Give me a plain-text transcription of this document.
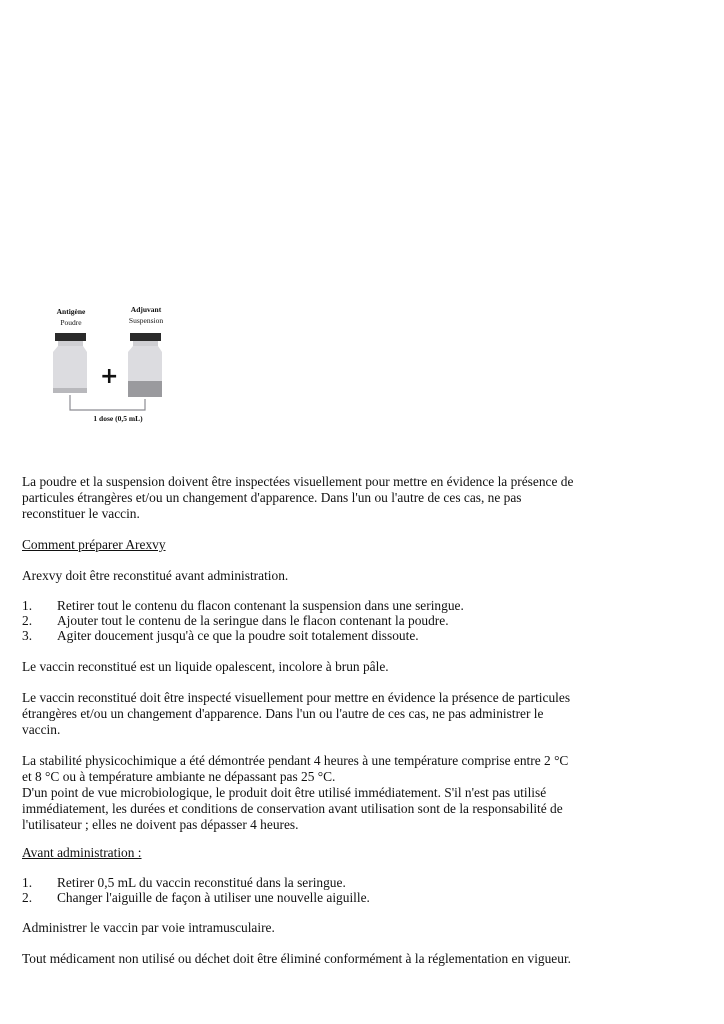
Antigène
Poudre
Adjuvant
Suspension
+
1 dose (0,5 mL)
La poudre et la suspension doivent être inspectées visuellement pour mettre en évidence la présence de
particules étrangères et/ou un changement d'apparence. Dans l'un ou l'autre de ces cas, ne pas
reconstituer le vaccin.
Comment préparer Arexvy
Arexvy doit être reconstitué avant administration.
1.	Retirer tout le contenu du flacon contenant la suspension dans une seringue.
2.	Ajouter tout le contenu de la seringue dans le flacon contenant la poudre.
3.	Agiter doucement jusqu'à ce que la poudre soit totalement dissoute.
Le vaccin reconstitué est un liquide opalescent, incolore à brun pâle.
Le vaccin reconstitué doit être inspecté visuellement pour mettre en évidence la présence de particules
étrangères et/ou un changement d'apparence. Dans l'un ou l'autre de ces cas, ne pas administrer le
vaccin.
La stabilité physicochimique a été démontrée pendant 4 heures à une température comprise entre 2 °C
et 8 °C ou à température ambiante ne dépassant pas 25 °C.
D'un point de vue microbiologique, le produit doit être utilisé immédiatement. S'il n'est pas utilisé
immédiatement, les durées et conditions de conservation avant utilisation sont de la responsabilité de
l'utilisateur ; elles ne doivent pas dépasser 4 heures.
Avant administration :
1.	Retirer 0,5 mL du vaccin reconstitué dans la seringue.
2.	Changer l'aiguille de façon à utiliser une nouvelle aiguille.
Administrer le vaccin par voie intramusculaire.
Tout médicament non utilisé ou déchet doit être éliminé conformément à la réglementation en vigueur.
